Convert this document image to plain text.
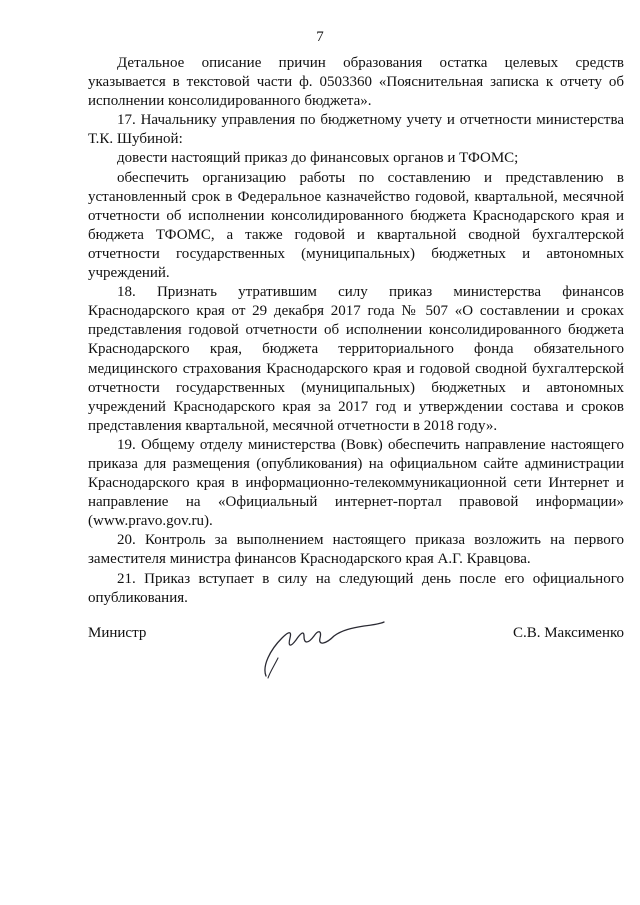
7

Детальное описание причин образования остатка целевых средств указывается в текстовой части ф. 0503360 «Пояснительная записка к отчету об исполнении консолидированного бюджета».

17. Начальнику управления по бюджетному учету и отчетности министерства Т.К. Шубиной:

довести настоящий приказ до финансовых органов и ТФОМС;

обеспечить организацию работы по составлению и представлению в установленный срок в Федеральное казначейство годовой, квартальной, месячной отчетности об исполнении консолидированного бюджета Краснодарского края и бюджета ТФОМС, а также годовой и квартальной сводной бухгалтерской отчетности государственных (муниципальных) бюджетных и автономных учреждений.

18. Признать утратившим силу приказ министерства финансов Краснодарского края от 29 декабря 2017 года № 507 «О составлении и сроках представления годовой отчетности об исполнении консолидированного бюджета Краснодарского края, бюджета территориального фонда обязательного медицинского страхования Краснодарского края и годовой сводной бухгалтерской отчетности государственных (муниципальных) бюджетных и автономных учреждений Краснодарского края за 2017 год и утверждении состава и сроков представления квартальной, месячной отчетности в 2018 году».

19. Общему отделу министерства (Вовк) обеспечить направление настоящего приказа для размещения (опубликования) на официальном сайте администрации Краснодарского края в информационно-телекоммуникационной сети Интернет и направление на «Официальный интернет-портал правовой информации» (www.pravo.gov.ru).

20. Контроль за выполнением настоящего приказа возложить на первого заместителя министра финансов Краснодарского края А.Г. Кравцова.

21. Приказ вступает в силу на следующий день после его официального опубликования.

Министр	С.В. Максименко
